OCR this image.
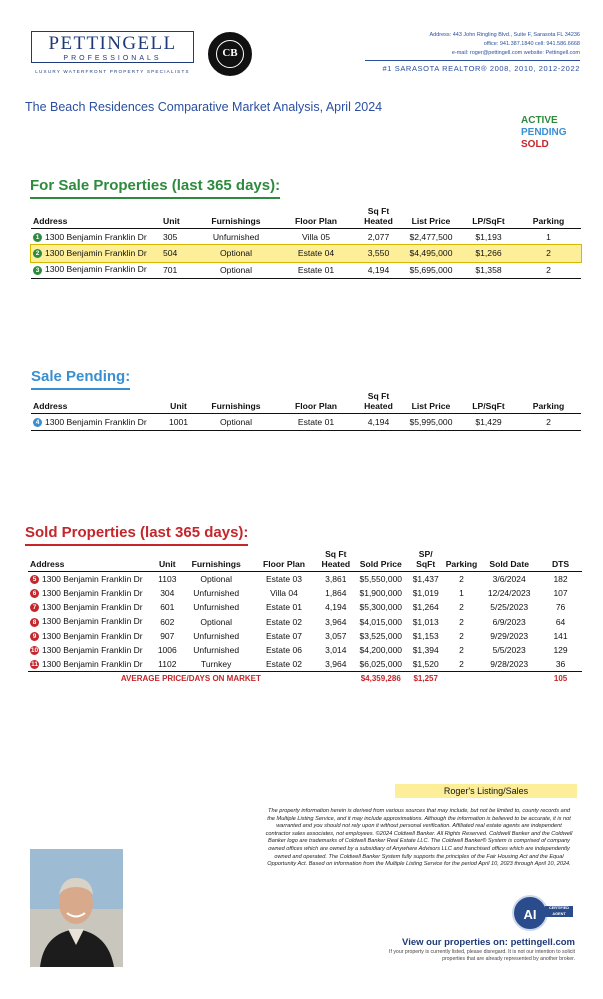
PETTINGELL
PROFESSIONALS
LUXURY WATERFRONT PROPERTY SPECIALISTS
CB
Address: 443 John Ringling Blvd., Suite F, Sarasota FL 34236
office: 941.387.1840 cell: 941.586.6668
e-mail: roger@pettingell.com website: Pettingell.com
#1 SARASOTA REALTOR® 2008, 2010, 2012-2022
The Beach Residences Comparative Market Analysis, April 2024
ACTIVE
PENDING
SOLD
For Sale Properties (last 365 days):
Address	Unit	Furnishings	Floor Plan	Sq Ft Heated	List Price	LP/SqFt	Parking
1 1300 Benjamin Franklin Dr	305	Unfurnished	Villa 05	2,077	$2,477,500	$1,193	1
2 1300 Benjamin Franklin Dr	504	Optional	Estate 04	3,550	$4,495,000	$1,266	2
3 1300 Benjamin Franklin Dr	701	Optional	Estate 01	4,194	$5,695,000	$1,358	2
Sale Pending:
Address	Unit	Furnishings	Floor Plan	Sq Ft Heated	List Price	LP/SqFt	Parking
4 1300 Benjamin Franklin Dr	1001	Optional	Estate 01	4,194	$5,995,000	$1,429	2
Sold Properties (last 365 days):
Address	Unit	Furnishings	Floor Plan	Sq Ft Heated	Sold Price	SP/ SqFt	Parking	Sold Date	DTS
5 1300 Benjamin Franklin Dr	1103	Optional	Estate 03	3,861	$5,550,000	$1,437	2	3/6/2024	182
6 1300 Benjamin Franklin Dr	304	Unfurnished	Villa 04	1,864	$1,900,000	$1,019	1	12/24/2023	107
7 1300 Benjamin Franklin Dr	601	Unfurnished	Estate 01	4,194	$5,300,000	$1,264	2	5/25/2023	76
8 1300 Benjamin Franklin Dr	602	Optional	Estate 02	3,964	$4,015,000	$1,013	2	6/9/2023	64
9 1300 Benjamin Franklin Dr	907	Unfurnished	Estate 07	3,057	$3,525,000	$1,153	2	9/29/2023	141
10 1300 Benjamin Franklin Dr	1006	Unfurnished	Estate 06	3,014	$4,200,000	$1,394	2	5/5/2023	129
11 1300 Benjamin Franklin Dr	1102	Turnkey	Estate 02	3,964	$6,025,000	$1,520	2	9/28/2023	36
AVERAGE PRICE/DAYS ON MARKET					$4,359,286	$1,257			105
Roger's Listing/Sales
The property information herein is derived from various sources that may include, but not be limited to, county records and the Multiple Listing Service, and it may include approximations. Although the information is believed to be accurate, it is not warranted and you should not rely upon it without personal verification. Affiliated real estate agents are independent contractor sales associates, not employees. ©2024 Coldwell Banker. All Rights Reserved. Coldwell Banker and the Coldwell Banker logo are trademarks of Coldwell Banker Real Estate LLC. The Coldwell Banker® System is comprised of company owned offices which are owned by a subsidiary of Anywhere Advisors LLC and franchised offices which are independently owned and operated. The Coldwell Banker System fully supports the principles of the Fair Housing Act and the Equal Opportunity Act. Based on information from the Multiple Listing Service for the period April 10, 2023 through April 10, 2024.
AI	CERTIFIED AGENT
View our properties on: pettingell.com
If your property is currently listed, please disregard. It is not our intention to solicit properties that are already represented by another broker.
